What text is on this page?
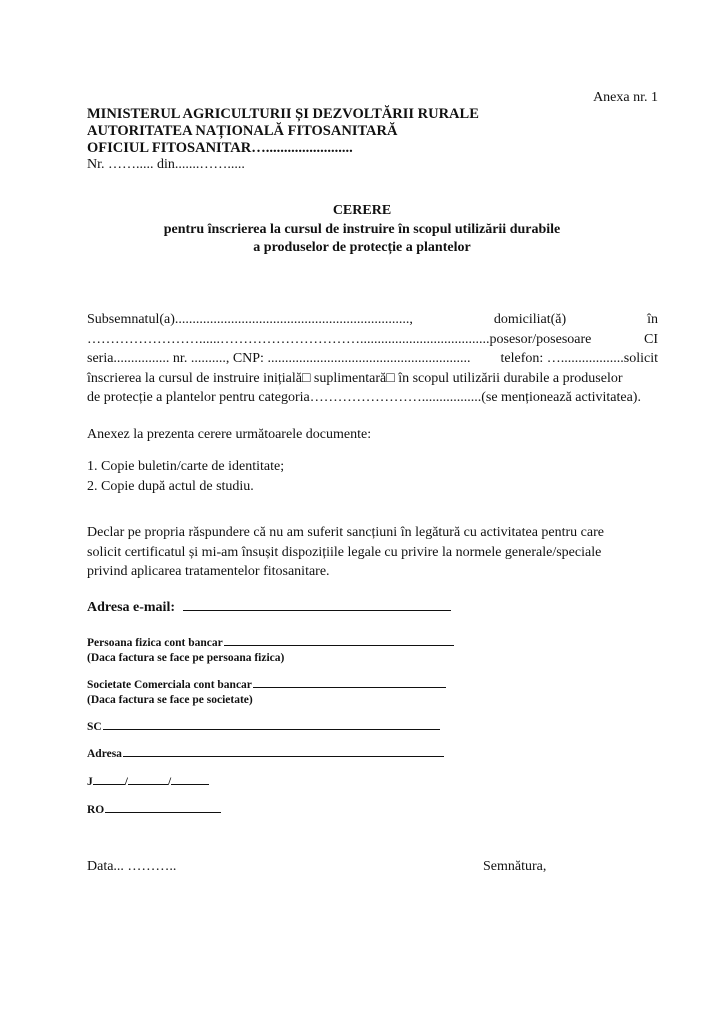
Anexa nr. 1
MINISTERUL AGRICULTURII ȘI DEZVOLTĂRII RURALE
AUTORITATEA NAȚIONALĂ FITOSANITARĂ
OFICIUL FITOSANITAR…........................
Nr. ……..... din.......…….....
CERERE
pentru înscrierea la cursul de instruire în scopul utilizării durabile
a produselor de protecție a plantelor
Subsemnatul(a)...................................................................,	domiciliat(ă)	în
……………………......………………………….....................................posesor/posesoare	CI
seria................ nr. .........., CNP: .......................................................... telefon: …..................solicit
înscrierea la cursul de instruire inițială□ suplimentară□ în scopul utilizării durabile a produselor
de protecție a plantelor pentru categoria…………………….................(se menționează activitatea).
Anexez la prezenta cerere următoarele documente:
1. Copie buletin/carte de identitate;
2. Copie după actul de studiu.
Declar pe propria răspundere că nu am suferit sancțiuni în legătură cu activitatea pentru care
solicit certificatul și mi-am însușit dispozițiile legale cu privire la normele generale/speciale
privind aplicarea tratamentelor fitosanitare.
Adresa e-mail:
Persoana fizica cont bancar
(Daca factura se face pe persoana fizica)
Societate Comerciala cont bancar
(Daca factura se face pe societate)
SC
Adresa
J	/	/
RO
Data... ………..	Semnătura,
